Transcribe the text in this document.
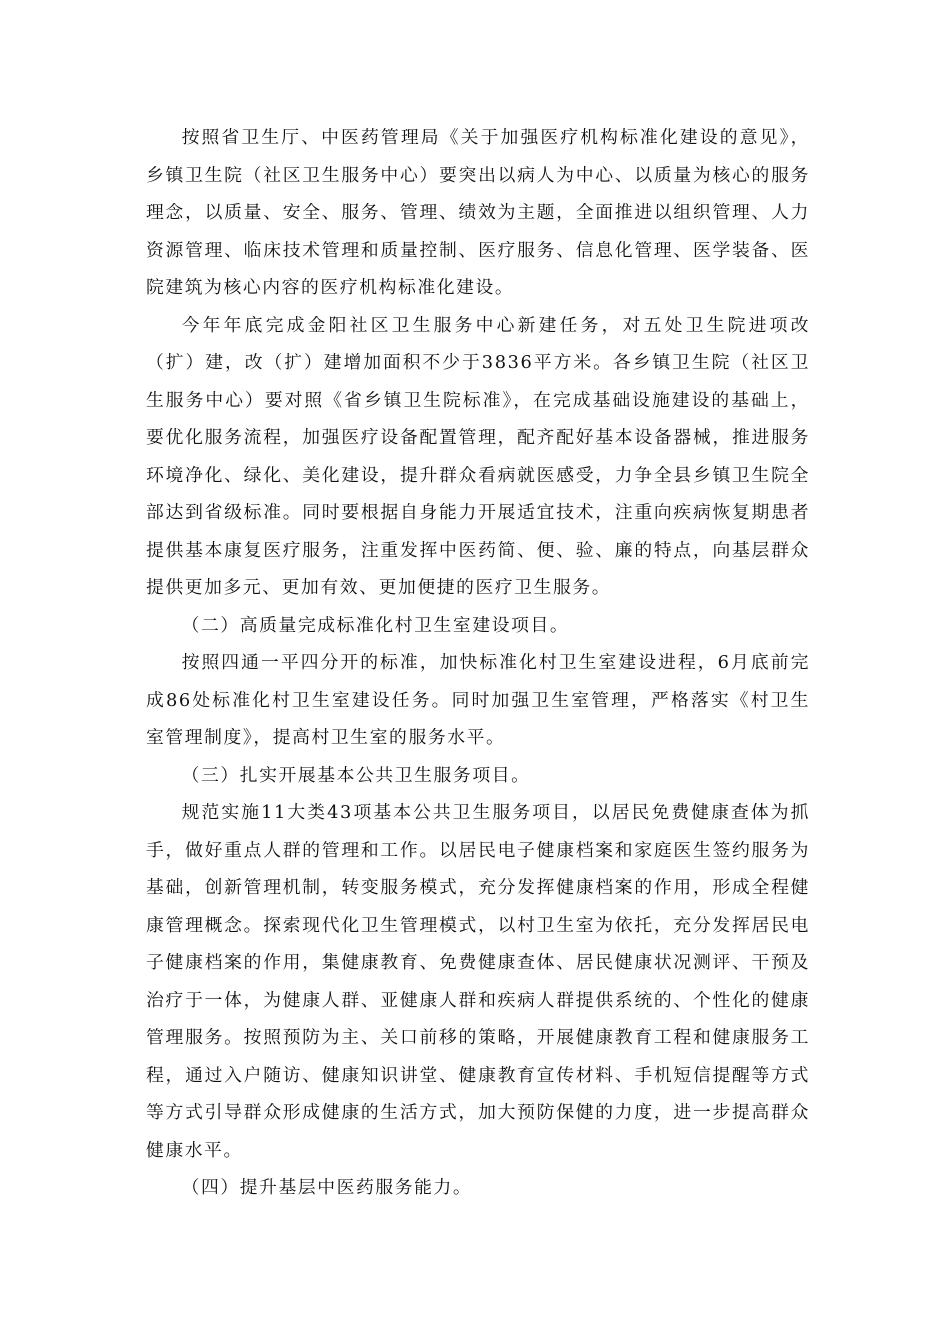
按照省卫生厅、中医药管理局《关于加强医疗机构标准化建设的意见》，乡镇卫生院（社区卫生服务中心）要突出以病人为中心、以质量为核心的服务理念，以质量、安全、服务、管理、绩效为主题，全面推进以组织管理、人力资源管理、临床技术管理和质量控制、医疗服务、信息化管理、医学装备、医院建筑为核心内容的医疗机构标准化建设。

今年年底完成金阳社区卫生服务中心新建任务，对五处卫生院进项改（扩）建，改（扩）建增加面积不少于3836平方米。各乡镇卫生院（社区卫生服务中心）要对照《省乡镇卫生院标准》，在完成基础设施建设的基础上，要优化服务流程，加强医疗设备配置管理，配齐配好基本设备器械，推进服务环境净化、绿化、美化建设，提升群众看病就医感受，力争全县乡镇卫生院全部达到省级标准。同时要根据自身能力开展适宜技术，注重向疾病恢复期患者提供基本康复医疗服务，注重发挥中医药简、便、验、廉的特点，向基层群众提供更加多元、更加有效、更加便捷的医疗卫生服务。

（二）高质量完成标准化村卫生室建设项目。

按照四通一平四分开的标准，加快标准化村卫生室建设进程，6月底前完成86处标准化村卫生室建设任务。同时加强卫生室管理，严格落实《村卫生室管理制度》，提高村卫生室的服务水平。

（三）扎实开展基本公共卫生服务项目。

规范实施11大类43项基本公共卫生服务项目，以居民免费健康查体为抓手，做好重点人群的管理和工作。以居民电子健康档案和家庭医生签约服务为基础，创新管理机制，转变服务模式，充分发挥健康档案的作用，形成全程健康管理概念。探索现代化卫生管理模式，以村卫生室为依托，充分发挥居民电子健康档案的作用，集健康教育、免费健康查体、居民健康状况测评、干预及治疗于一体，为健康人群、亚健康人群和疾病人群提供系统的、个性化的健康管理服务。按照预防为主、关口前移的策略，开展健康教育工程和健康服务工程，通过入户随访、健康知识讲堂、健康教育宣传材料、手机短信提醒等方式等方式引导群众形成健康的生活方式，加大预防保健的力度，进一步提高群众健康水平。

（四）提升基层中医药服务能力。
